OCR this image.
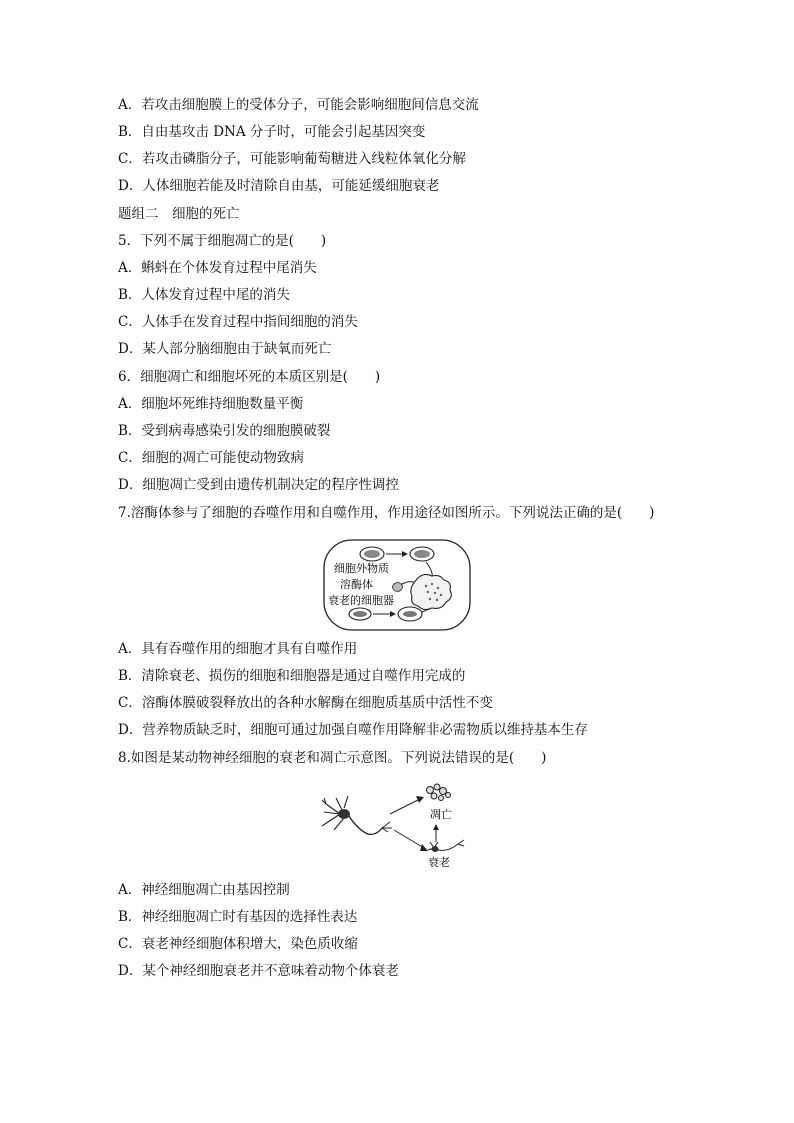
A．若攻击细胞膜上的受体分子，可能会影响细胞间信息交流
B．自由基攻击 DNA 分子时，可能会引起基因突变
C．若攻击磷脂分子，可能影响葡萄糖进入线粒体氧化分解
D．人体细胞若能及时清除自由基，可能延缓细胞衰老
题组二　细胞的死亡
5．下列不属于细胞凋亡的是(　　)
A．蝌蚪在个体发育过程中尾消失
B．人体发育过程中尾的消失
C．人体手在发育过程中指间细胞的消失
D．某人部分脑细胞由于缺氧而死亡
6．细胞凋亡和细胞坏死的本质区别是(　　)
A．细胞坏死维持细胞数量平衡
B．受到病毒感染引发的细胞膜破裂
C．细胞的凋亡可能使动物致病
D．细胞凋亡受到由遗传机制决定的程序性调控
7.溶酶体参与了细胞的吞噬作用和自噬作用，作用途径如图所示。下列说法正确的是(　　)
细胞外物质
溶酶体
衰老的细胞器
A．具有吞噬作用的细胞才具有自噬作用
B．清除衰老、损伤的细胞和细胞器是通过自噬作用完成的
C．溶酶体膜破裂释放出的各种水解酶在细胞质基质中活性不变
D．营养物质缺乏时，细胞可通过加强自噬作用降解非必需物质以维持基本生存
8.如图是某动物神经细胞的衰老和凋亡示意图。下列说法错误的是(　　)
凋亡
衰老
A．神经细胞凋亡由基因控制
B．神经细胞凋亡时有基因的选择性表达
C．衰老神经细胞体积增大，染色质收缩
D．某个神经细胞衰老并不意味着动物个体衰老
